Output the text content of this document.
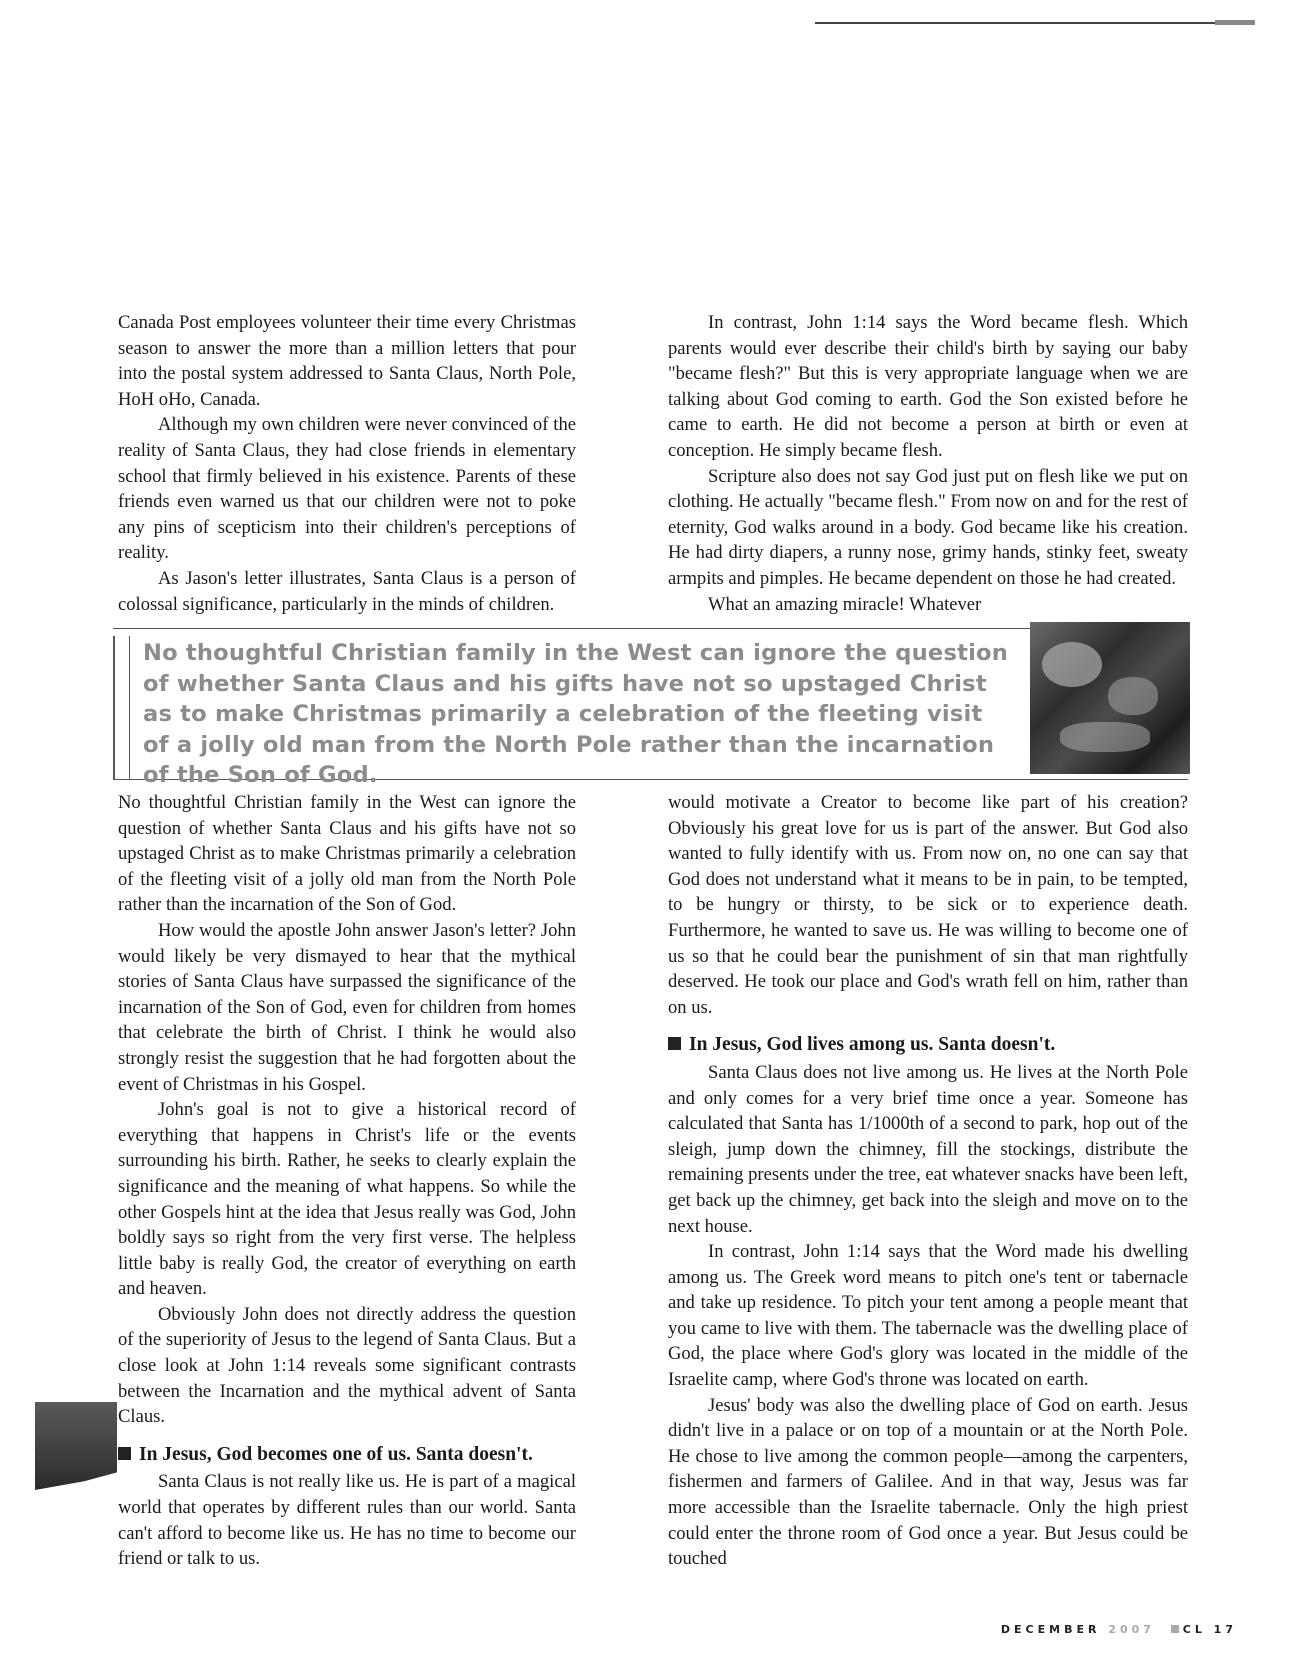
Canada Post employees volunteer their time every Christmas season to answer the more than a million letters that pour into the postal system addressed to Santa Claus, North Pole, HoH oHo, Canada.

Although my own children were never convinced of the reality of Santa Claus, they had close friends in elementary school that firmly believed in his existence. Parents of these friends even warned us that our children were not to poke any pins of scepticism into their children's perceptions of reality.

As Jason's letter illustrates, Santa Claus is a person of colossal significance, particularly in the minds of children.

In contrast, John 1:14 says the Word became flesh. Which parents would ever describe their child's birth by saying our baby "became flesh?" But this is very appropriate language when we are talking about God coming to earth. God the Son existed before he came to earth. He did not become a person at birth or even at conception. He simply became flesh.

Scripture also does not say God just put on flesh like we put on clothing. He actually "became flesh." From now on and for the rest of eternity, God walks around in a body. God became like his creation. He had dirty diapers, a runny nose, grimy hands, stinky feet, sweaty armpits and pimples. He became dependent on those he had created.

What an amazing miracle! Whatever

No thoughtful Christian family in the West can ignore the question of whether Santa Claus and his gifts have not so upstaged Christ as to make Christmas primarily a celebration of the fleeting visit of a jolly old man from the North Pole rather than the incarnation of the Son of God.

No thoughtful Christian family in the West can ignore the question of whether Santa Claus and his gifts have not so upstaged Christ as to make Christmas primarily a celebration of the fleeting visit of a jolly old man from the North Pole rather than the incarnation of the Son of God.

How would the apostle John answer Jason's letter? John would likely be very dismayed to hear that the mythical stories of Santa Claus have surpassed the significance of the incarnation of the Son of God, even for children from homes that celebrate the birth of Christ. I think he would also strongly resist the suggestion that he had forgotten about the event of Christmas in his Gospel.

John's goal is not to give a historical record of everything that happens in Christ's life or the events surrounding his birth. Rather, he seeks to clearly explain the significance and the meaning of what happens. So while the other Gospels hint at the idea that Jesus really was God, John boldly says so right from the very first verse. The helpless little baby is really God, the creator of everything on earth and heaven.

Obviously John does not directly address the question of the superiority of Jesus to the legend of Santa Claus. But a close look at John 1:14 reveals some significant contrasts between the Incarnation and the mythical advent of Santa Claus.

In Jesus, God becomes one of us. Santa doesn't.

Santa Claus is not really like us. He is part of a magical world that operates by different rules than our world. Santa can't afford to become like us. He has no time to become our friend or talk to us.

would motivate a Creator to become like part of his creation? Obviously his great love for us is part of the answer. But God also wanted to fully identify with us. From now on, no one can say that God does not understand what it means to be in pain, to be tempted, to be hungry or thirsty, to be sick or to experience death. Furthermore, he wanted to save us. He was willing to become one of us so that he could bear the punishment of sin that man rightfully deserved. He took our place and God's wrath fell on him, rather than on us.

In Jesus, God lives among us. Santa doesn't.

Santa Claus does not live among us. He lives at the North Pole and only comes for a very brief time once a year. Someone has calculated that Santa has 1/1000th of a second to park, hop out of the sleigh, jump down the chimney, fill the stockings, distribute the remaining presents under the tree, eat whatever snacks have been left, get back up the chimney, get back into the sleigh and move on to the next house.

In contrast, John 1:14 says that the Word made his dwelling among us. The Greek word means to pitch one's tent or tabernacle and take up residence. To pitch your tent among a people meant that you came to live with them. The tabernacle was the dwelling place of God, the place where God's glory was located in the middle of the Israelite camp, where God's throne was located on earth.

Jesus' body was also the dwelling place of God on earth. Jesus didn't live in a palace or on top of a mountain or at the North Pole. He chose to live among the common people—among the carpenters, fishermen and farmers of Galilee. And in that way, Jesus was far more accessible than the Israelite tabernacle. Only the high priest could enter the throne room of God once a year. But Jesus could be touched

DECEMBER 2007	CL 17
